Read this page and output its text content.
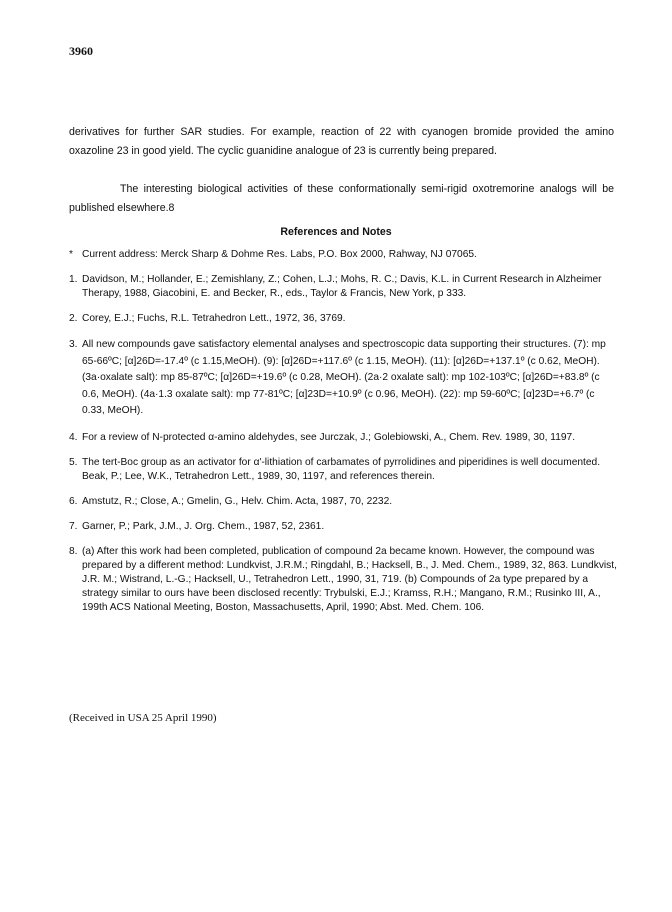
3960

derivatives for further SAR studies. For example, reaction of 22 with cyanogen bromide provided the amino oxazoline 23 in good yield. The cyclic guanidine analogue of 23 is currently being prepared.

The interesting biological activities of these conformationally semi-rigid oxotremorine analogs will be published elsewhere.8

References and Notes
* Current address: Merck Sharp & Dohme Res. Labs, P.O. Box 2000, Rahway, NJ 07065.
1. Davidson, M.; Hollander, E.; Zemishlany, Z.; Cohen, L.J.; Mohs, R. C.; Davis, K.L. in Current Research in Alzheimer Therapy, 1988, Giacobini, E. and Becker, R., eds., Taylor & Francis, New York, p 333.
2. Corey, E.J.; Fuchs, R.L. Tetrahedron Lett., 1972, 36, 3769.
3. All new compounds gave satisfactory elemental analyses and spectroscopic data supporting their structures. (7): mp 65-66ºC; [α]26D=-17.4º (c 1.15,MeOH). (9): [α]26D=+117.6º (c 1.15, MeOH). (11): [α]26D=+137.1º (c 0.62, MeOH). (3a·oxalate salt): mp 85-87ºC; [α]26D=+19.6º (c 0.28, MeOH). (2a·2 oxalate salt): mp 102-103ºC; [α]26D=+83.8º (c 0.6, MeOH). (4a·1.3 oxalate salt): mp 77-81ºC; [α]23D=+10.9º (c 0.96, MeOH). (22): mp 59-60ºC; [α]23D=+6.7º (c 0.33, MeOH).
4. For a review of N-protected α-amino aldehydes, see Jurczak, J.; Golebiowski, A., Chem. Rev. 1989, 30, 1197.
5. The tert-Boc group as an activator for α'-lithiation of carbamates of pyrrolidines and piperidines is well documented. Beak, P.; Lee, W.K., Tetrahedron Lett., 1989, 30, 1197, and references therein.
6. Amstutz, R.; Close, A.; Gmelin, G., Helv. Chim. Acta, 1987, 70, 2232.
7. Garner, P.; Park, J.M., J. Org. Chem., 1987, 52, 2361.
8. (a) After this work had been completed, publication of compound 2a became known. However, the compound was prepared by a different method: Lundkvist, J.R.M.; Ringdahl, B.; Hacksell, B., J. Med. Chem., 1989, 32, 863. Lundkvist, J.R. M.; Wistrand, L.-G.; Hacksell, U., Tetrahedron Lett., 1990, 31, 719. (b) Compounds of 2a type prepared by a strategy similar to ours have been disclosed recently: Trybulski, E.J.; Kramss, R.H.; Mangano, R.M.; Rusinko III, A., 199th ACS National Meeting, Boston, Massachusetts, April, 1990; Abst. Med. Chem. 106.
(Received in USA 25 April 1990)
